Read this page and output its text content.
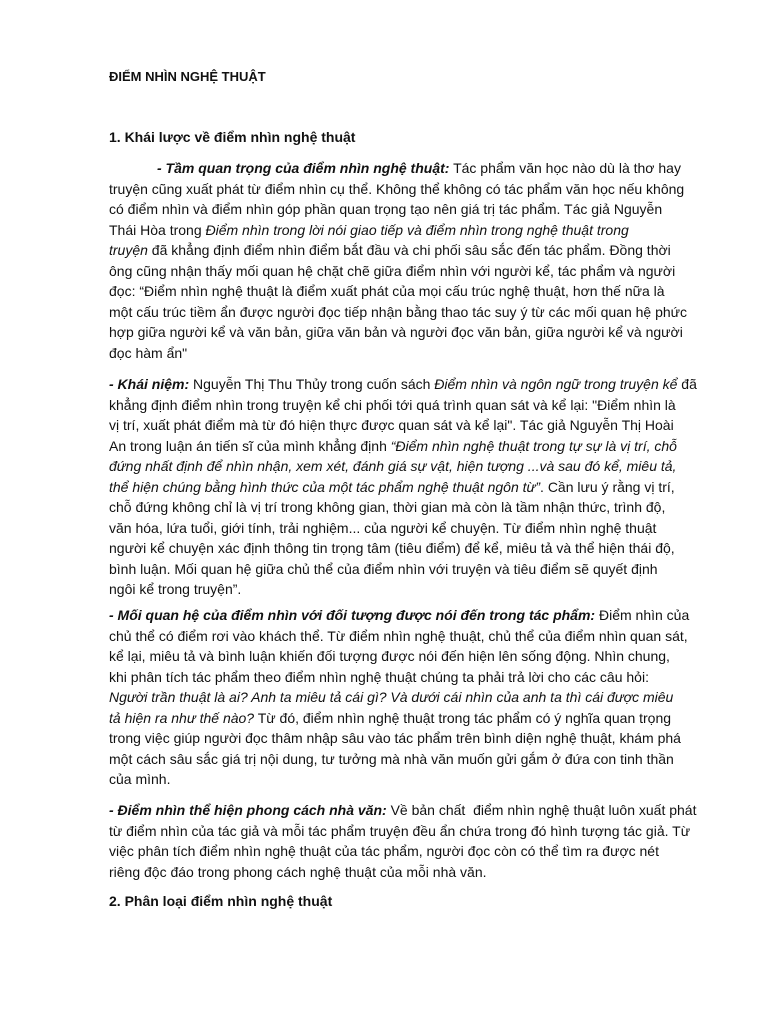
ĐIỂM NHÌN NGHỆ THUẬT
1. Khái lược về điểm nhìn nghệ thuật
- Tầm quan trọng của điểm nhìn nghệ thuật: Tác phẩm văn học nào dù là thơ hay
truyện cũng xuất phát từ điểm nhìn cụ thể. Không thể không có tác phẩm văn học nếu không
có điểm nhìn và điểm nhìn góp phần quan trọng tạo nên giá trị tác phẩm. Tác giả Nguyễn
Thái Hòa trong Điểm nhìn trong lời nói giao tiếp và điểm nhìn trong nghệ thuật trong
truyện đã khẳng định điểm nhìn điểm bắt đầu và chi phối sâu sắc đến tác phẩm. Đồng thời
ông cũng nhận thấy mối quan hệ chặt chẽ giữa điểm nhìn với người kể, tác phẩm và người
đọc: “Điểm nhìn nghệ thuật là điểm xuất phát của mọi cấu trúc nghệ thuật, hơn thế nữa là
một cấu trúc tiềm ẩn được người đọc tiếp nhận bằng thao tác suy ý từ các mối quan hệ phức
hợp giữa người kể và văn bản, giữa văn bản và người đọc văn bản, giữa người kể và người
đọc hàm ẩn"
- Khái niệm: Nguyễn Thị Thu Thủy trong cuốn sách Điểm nhìn và ngôn ngữ trong truyện kể đã
khẳng định điểm nhìn trong truyện kể chi phối tới quá trình quan sát và kể lại: "Điểm nhìn là
vị trí, xuất phát điểm mà từ đó hiện thực được quan sát và kể lại". Tác giả Nguyễn Thị Hoài
An trong luận án tiến sĩ của mình khẳng định “Điểm nhìn nghệ thuật trong tự sự là vị trí, chỗ
đứng nhất định để nhìn nhận, xem xét, đánh giá sự vật, hiện tượng ...và sau đó kể, miêu tả,
thể hiện chúng bằng hình thức của một tác phẩm nghệ thuật ngôn từ”. Cần lưu ý rằng vị trí,
chỗ đứng không chỉ là vị trí trong không gian, thời gian mà còn là tầm nhận thức, trình độ,
văn hóa, lứa tuổi, giới tính, trải nghiệm... của người kể chuyện. Từ điểm nhìn nghệ thuật
người kể chuyện xác định thông tin trọng tâm (tiêu điểm) để kể, miêu tả và thể hiện thái độ,
bình luận. Mối quan hệ giữa chủ thể của điểm nhìn với truyện và tiêu điểm sẽ quyết định
ngôi kể trong truyện”.
- Mối quan hệ của điểm nhìn với đối tượng được nói đến trong tác phẩm: Điểm nhìn của
chủ thể có điểm rơi vào khách thể. Từ điểm nhìn nghệ thuật, chủ thể của điểm nhìn quan sát,
kể lại, miêu tả và bình luận khiến đối tượng được nói đến hiện lên sống động. Nhìn chung,
khi phân tích tác phẩm theo điểm nhìn nghệ thuật chúng ta phải trả lời cho các câu hỏi:
Người trần thuật là ai? Anh ta miêu tả cái gì? Và dưới cái nhìn của anh ta thì cái được miêu
tả hiện ra như thế nào? Từ đó, điểm nhìn nghệ thuật trong tác phẩm có ý nghĩa quan trọng
trong việc giúp người đọc thâm nhập sâu vào tác phẩm trên bình diện nghệ thuật, khám phá
một cách sâu sắc giá trị nội dung, tư tưởng mà nhà văn muốn gửi gắm ở đứa con tinh thần
của mình.
- Điểm nhìn thể hiện phong cách nhà văn: Về bản chất  điểm nhìn nghệ thuật luôn xuất phát
từ điểm nhìn của tác giả và mỗi tác phẩm truyện đều ẩn chứa trong đó hình tượng tác giả. Từ
việc phân tích điểm nhìn nghệ thuật của tác phẩm, người đọc còn có thể tìm ra được nét
riêng độc đáo trong phong cách nghệ thuật của mỗi nhà văn.
2. Phân loại điểm nhìn nghệ thuật
